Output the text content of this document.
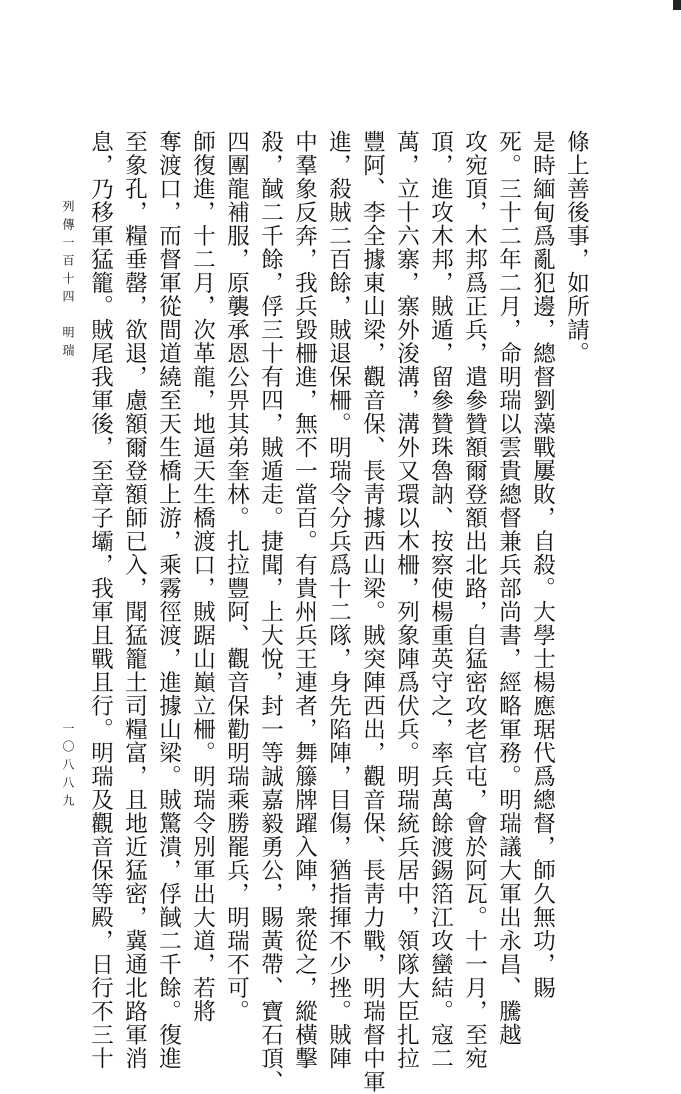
條上善後事，如所請。
是時緬甸爲亂犯邊，總督劉藻戰屢敗，自殺。大學士楊應琚代爲總督，師久無功，賜
死。三十二年二月，命明瑞以雲貴總督兼兵部尚書，經略軍務。明瑞議大軍出永昌、騰越
攻宛頂，木邦爲正兵，遣參贊額爾登額出北路，自猛密攻老官屯，會於阿瓦。十一月，至宛
頂，進攻木邦，賊遁，留參贊珠魯訥、按察使楊重英守之，率兵萬餘渡錫箔江攻蠻結。寇二
萬，立十六寨，寨外浚溝，溝外又環以木柵，列象陣爲伏兵。明瑞統兵居中，領隊大臣扎拉
豐阿、李全據東山梁，觀音保、長靑據西山梁。賊突陣西出，觀音保、長靑力戰，明瑞督中軍
進，殺賊二百餘，賊退保柵。明瑞令分兵爲十二隊，身先陷陣，目傷，猶指揮不少挫。賊陣
中羣象反奔，我兵毀柵進，無不一當百。有貴州兵王連者，舞籐牌躍入陣，衆從之，縱橫擊
殺，馘二千餘，俘三十有四，賊遁走。捷聞，上大悅，封一等誠嘉毅勇公，賜黃帶、寶石頂、
四團龍補服，原襲承恩公畀其弟奎林。扎拉豐阿、觀音保勸明瑞乘勝罷兵，明瑞不可。
師復進，十二月，次革龍，地逼天生橋渡口，賊踞山巔立柵。明瑞令別軍出大道，若將
奪渡口，而督軍從間道繞至天生橋上游，乘霧徑渡，進據山梁。賊驚潰，俘馘二千餘。復進
至象孔，糧垂罄，欲退，慮額爾登額師已入，聞猛籠土司糧富，且地近猛密，冀通北路軍消
息，乃移軍猛籠。賊尾我軍後，至章子壩，我軍且戰且行。明瑞及觀音保等殿，日行不三十
列傳一百十四　明瑞
一〇八八九
